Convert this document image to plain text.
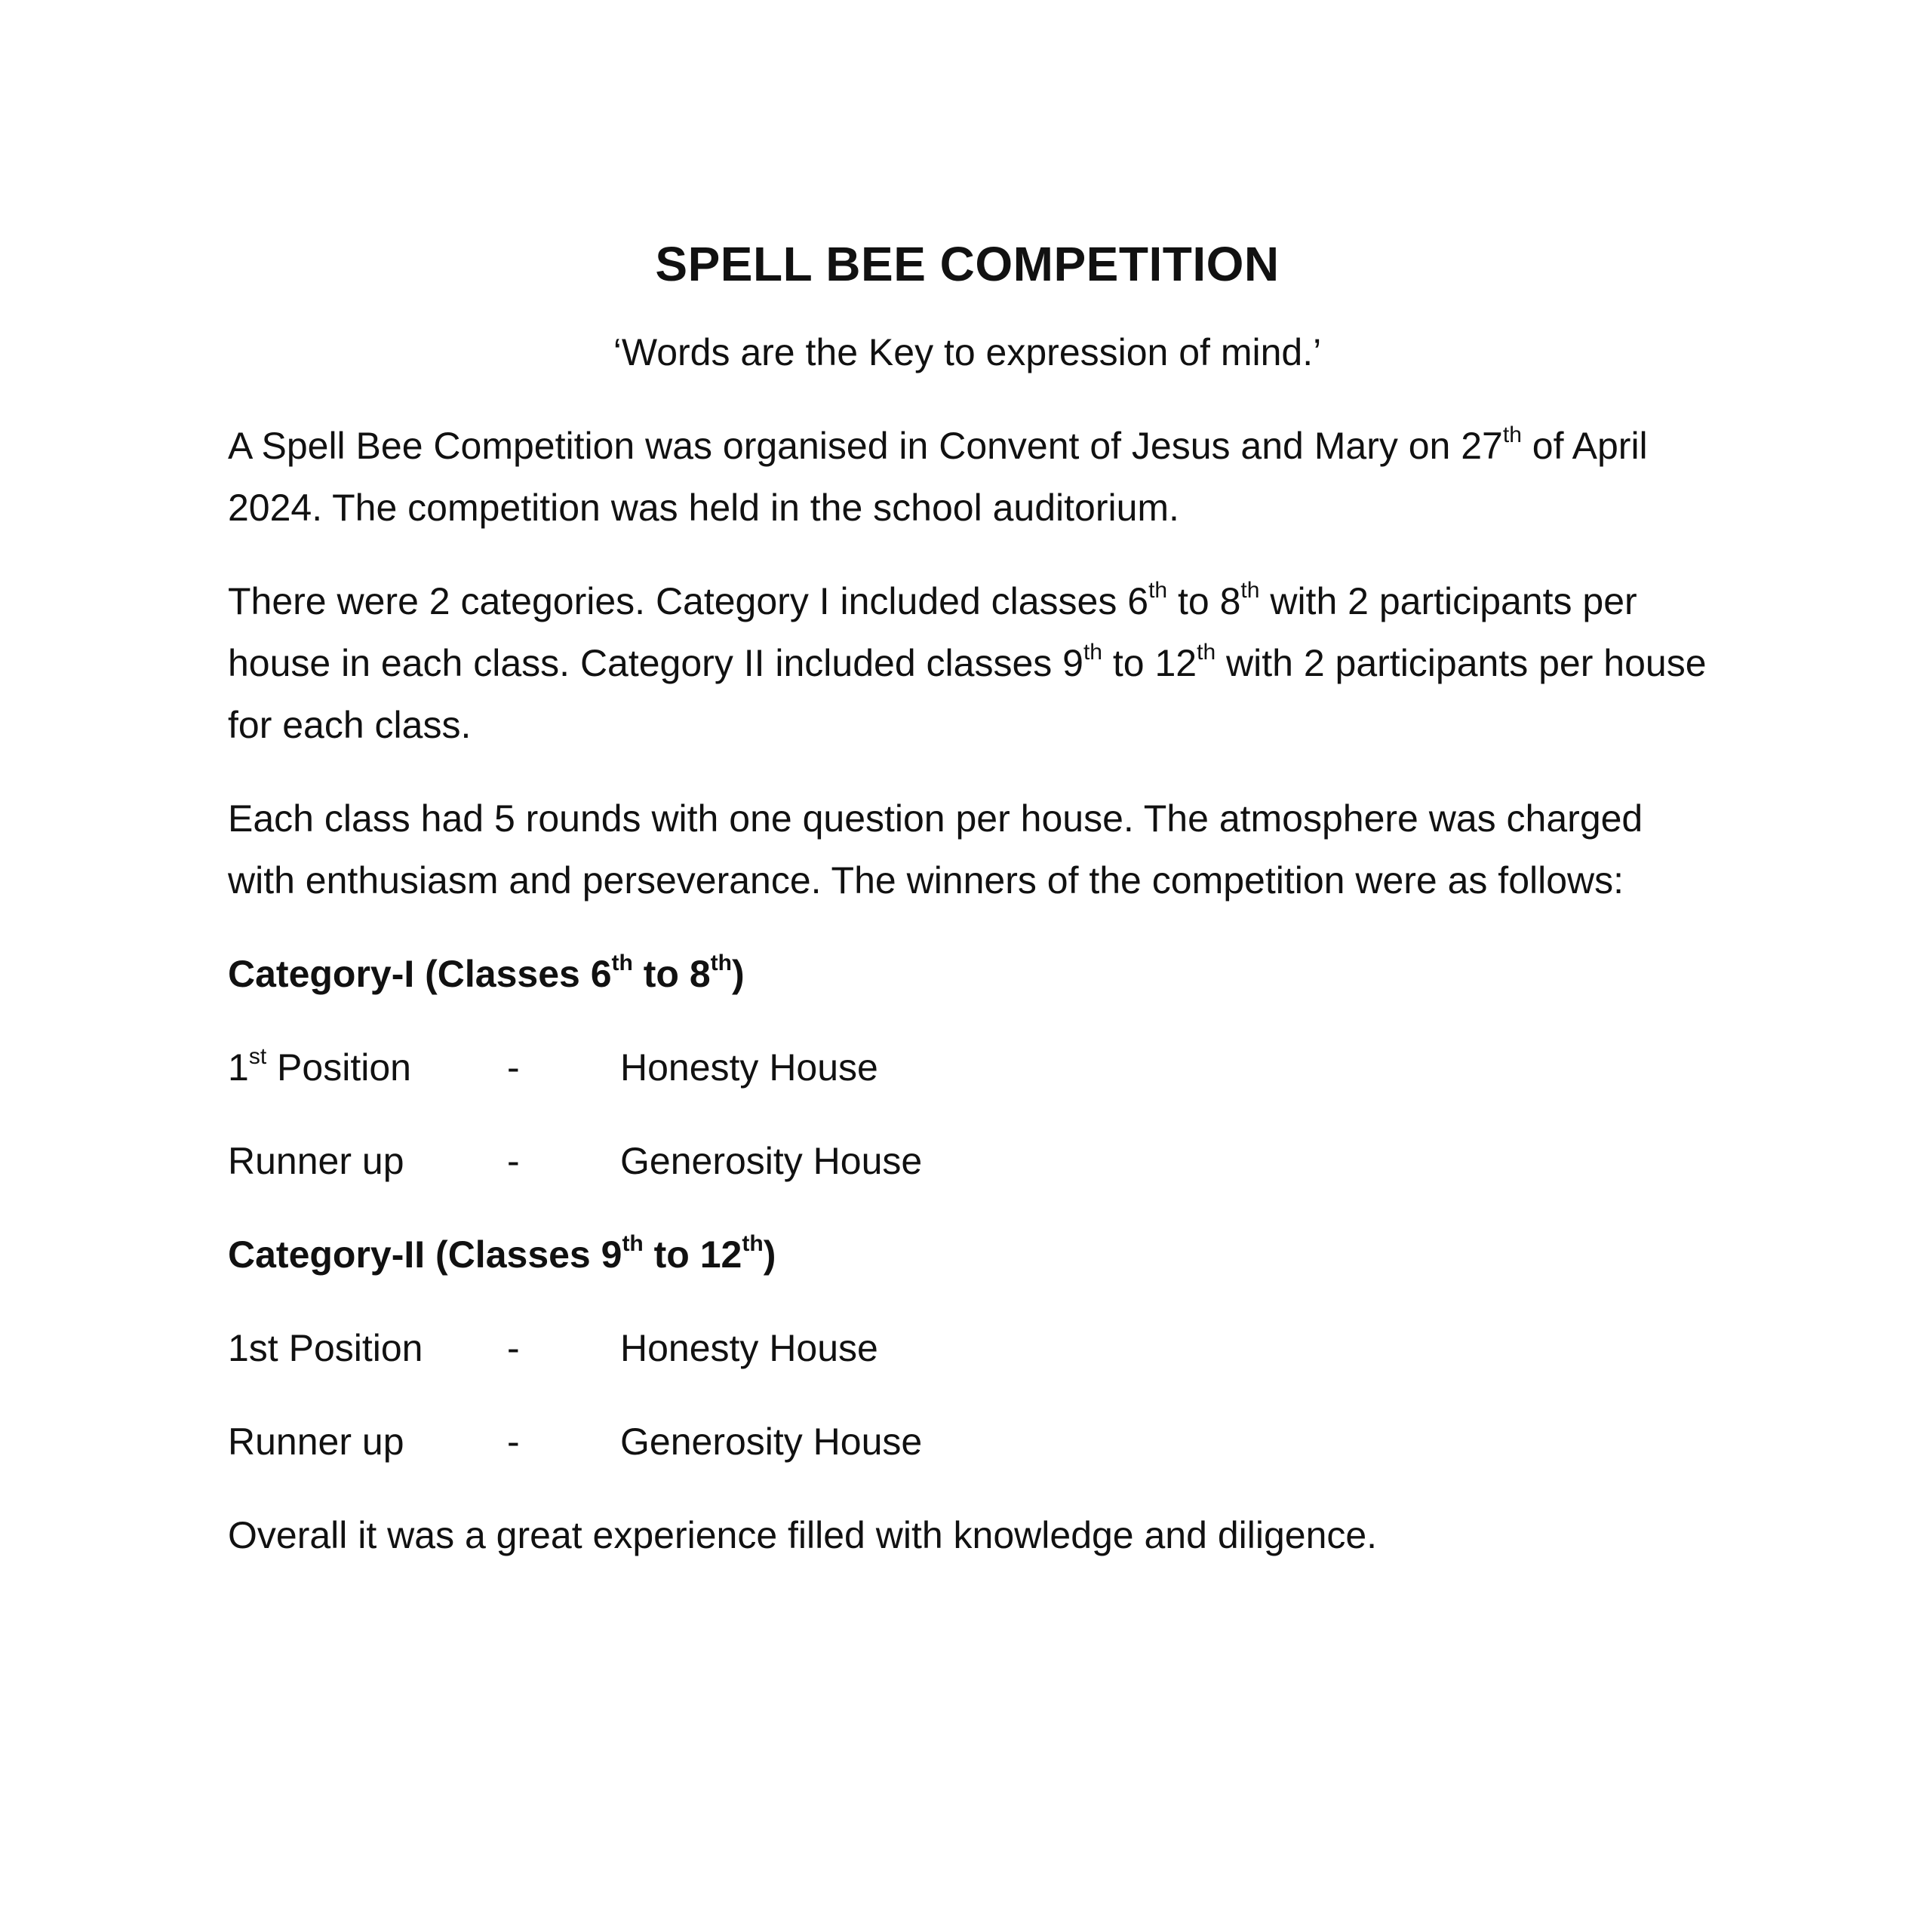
SPELL BEE COMPETITION
‘Words are the Key to expression of mind.’
A Spell Bee Competition was organised in Convent of Jesus and Mary on 27th of April 2024. The competition was held in the school auditorium.
There were 2 categories. Category I included classes 6th to 8th with 2 participants per house in each class. Category II included classes 9th to 12th with 2 participants per house for each class.
Each class had 5 rounds with one question per house. The atmosphere was charged with enthusiasm and perseverance. The winners of the competition were as follows:
Category-I (Classes 6th to 8th)
1st Position	-	Honesty House
Runner up	-	Generosity House
Category-II (Classes 9th to 12th)
1st Position	-	Honesty House
Runner up	-	Generosity House
Overall it was a great experience filled with knowledge and diligence.
